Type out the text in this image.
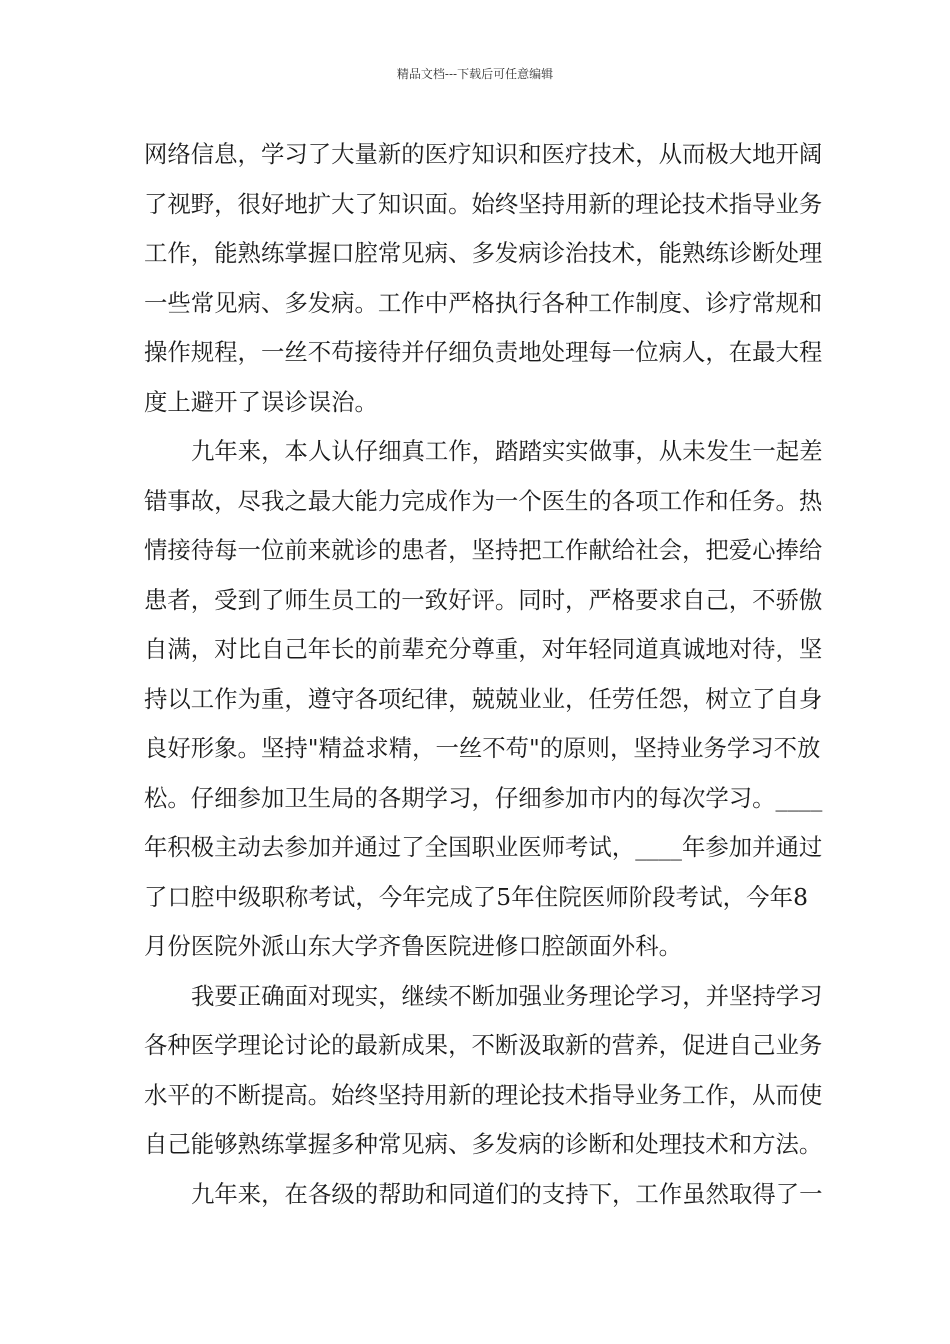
精品文档---下载后可任意编辑
网络信息，学习了大量新的医疗知识和医疗技术，从而极大地开阔
了视野，很好地扩大了知识面。始终坚持用新的理论技术指导业务
工作，能熟练掌握口腔常见病、多发病诊治技术，能熟练诊断处理
一些常见病、多发病。工作中严格执行各种工作制度、诊疗常规和
操作规程，一丝不苟接待并仔细负责地处理每一位病人，在最大程
度上避开了误诊误治。
九年来，本人认仔细真工作，踏踏实实做事，从未发生一起差
错事故，尽我之最大能力完成作为一个医生的各项工作和任务。热
情接待每一位前来就诊的患者，坚持把工作献给社会，把爱心捧给
患者，受到了师生员工的一致好评。同时，严格要求自己，不骄傲
自满，对比自己年长的前辈充分尊重，对年轻同道真诚地对待，坚
持以工作为重，遵守各项纪律，兢兢业业，任劳任怨，树立了自身
良好形象。坚持"精益求精，一丝不苟"的原则，坚持业务学习不放
松。仔细参加卫生局的各期学习，仔细参加市内的每次学习。____
年积极主动去参加并通过了全国职业医师考试，____年参加并通过
了口腔中级职称考试，今年完成了5年住院医师阶段考试，今年8
月份医院外派山东大学齐鲁医院进修口腔颌面外科。
我要正确面对现实，继续不断加强业务理论学习，并坚持学习
各种医学理论讨论的最新成果，不断汲取新的营养，促进自己业务
水平的不断提高。始终坚持用新的理论技术指导业务工作，从而使
自己能够熟练掌握多种常见病、多发病的诊断和处理技术和方法。
九年来，在各级的帮助和同道们的支持下，工作虽然取得了一
